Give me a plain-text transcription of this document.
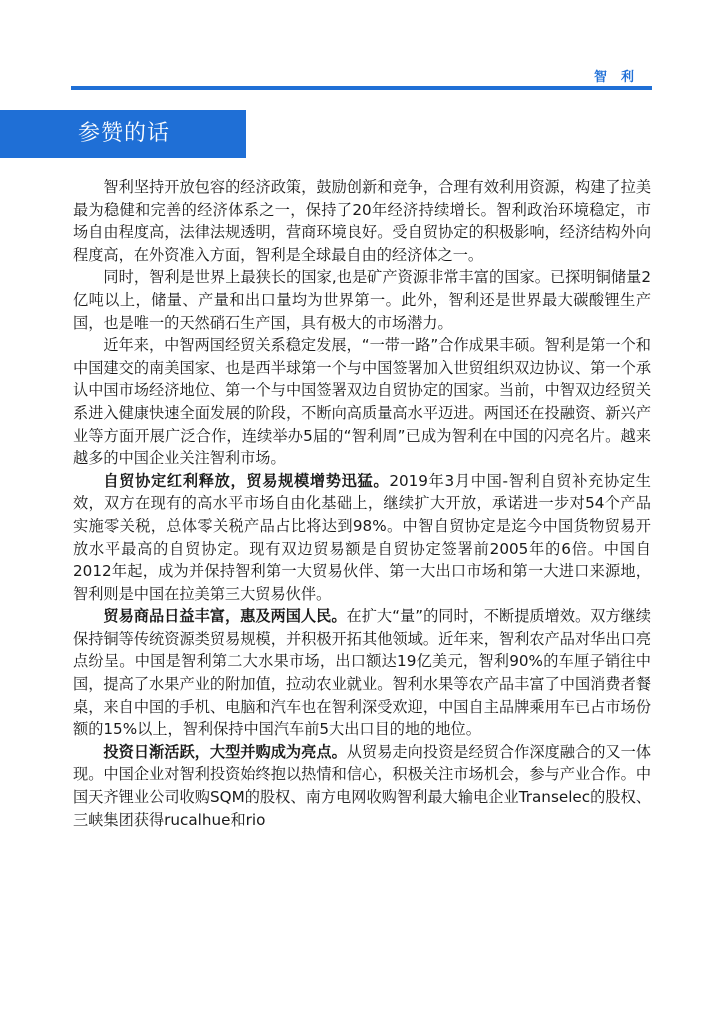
智利
参赞的话

智利坚持开放包容的经济政策，鼓励创新和竞争，合理有效利用资源，构建了拉美最为稳健和完善的经济体系之一，保持了20年经济持续增长。智利政治环境稳定，市场自由程度高，法律法规透明，营商环境良好。受自贸协定的积极影响，经济结构外向程度高，在外资准入方面，智利是全球最自由的经济体之一。

同时，智利是世界上最狭长的国家,也是矿产资源非常丰富的国家。已探明铜储量2亿吨以上，储量、产量和出口量均为世界第一。此外，智利还是世界最大碳酸锂生产国，也是唯一的天然硝石生产国，具有极大的市场潜力。

近年来，中智两国经贸关系稳定发展，“一带一路”合作成果丰硕。智利是第一个和中国建交的南美国家、也是西半球第一个与中国签署加入世贸组织双边协议、第一个承认中国市场经济地位、第一个与中国签署双边自贸协定的国家。当前，中智双边经贸关系进入健康快速全面发展的阶段，不断向高质量高水平迈进。两国还在投融资、新兴产业等方面开展广泛合作，连续举办5届的“智利周”已成为智利在中国的闪亮名片。越来越多的中国企业关注智利市场。

自贸协定红利释放，贸易规模增势迅猛。2019年3月中国-智利自贸补充协定生效，双方在现有的高水平市场自由化基础上，继续扩大开放，承诺进一步对54个产品实施零关税，总体零关税产品占比将达到98%。中智自贸协定是迄今中国货物贸易开放水平最高的自贸协定。现有双边贸易额是自贸协定签署前2005年的6倍。中国自2012年起，成为并保持智利第一大贸易伙伴、第一大出口市场和第一大进口来源地，智利则是中国在拉美第三大贸易伙伴。

贸易商品日益丰富，惠及两国人民。在扩大“量”的同时，不断提质增效。双方继续保持铜等传统资源类贸易规模，并积极开拓其他领域。近年来，智利农产品对华出口亮点纷呈。中国是智利第二大水果市场，出口额达19亿美元，智利90%的车厘子销往中国，提高了水果产业的附加值，拉动农业就业。智利水果等农产品丰富了中国消费者餐桌，来自中国的手机、电脑和汽车也在智利深受欢迎，中国自主品牌乘用车已占市场份额的15%以上，智利保持中国汽车前5大出口目的地的地位。

投资日渐活跃，大型并购成为亮点。从贸易走向投资是经贸合作深度融合的又一体现。中国企业对智利投资始终抱以热情和信心，积极关注市场机会，参与产业合作。中国天齐锂业公司收购SQM的股权、南方电网收购智利最大输电企业Transelec的股权、三峡集团获得rucalhue和rio
